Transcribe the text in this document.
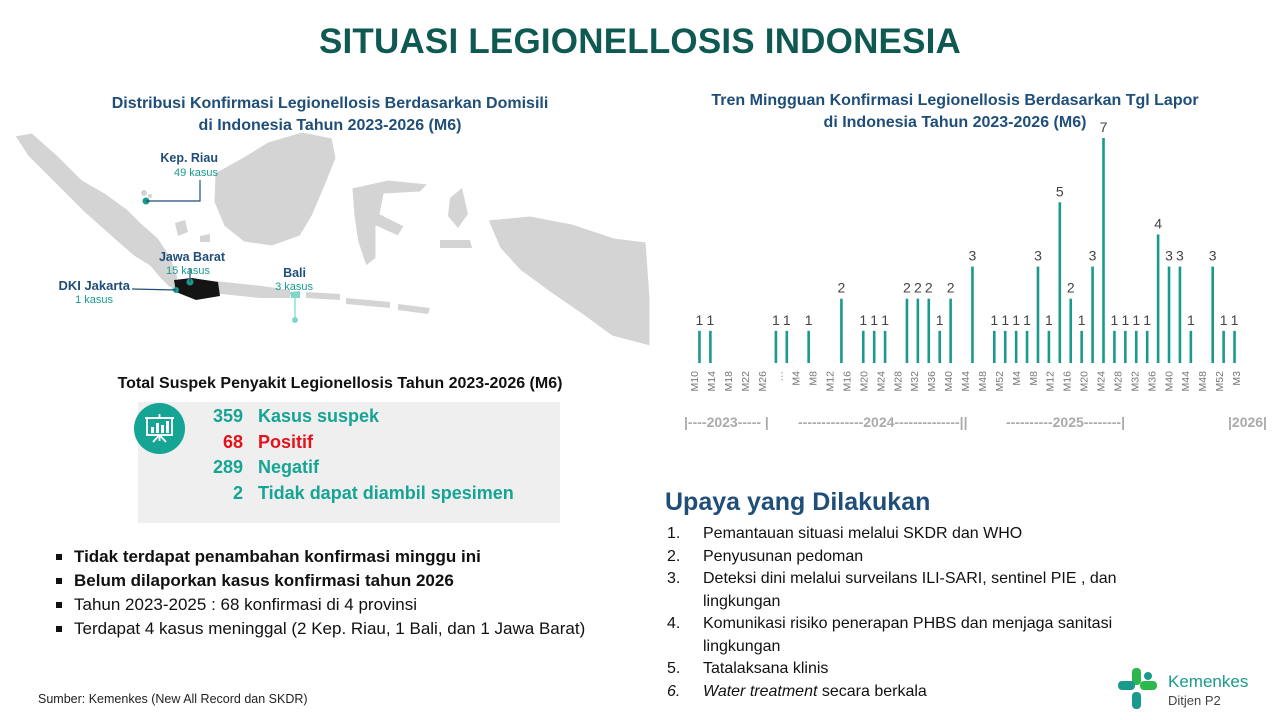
SITUASI LEGIONELLOSIS INDONESIA
Distribusi Konfirmasi Legionellosis Berdasarkan Domisili
di Indonesia Tahun 2023-2026 (M6)
Kep. Riau
49 kasus
Jawa Barat
15 kasus
DKI Jakarta
1 kasus
Bali
3 kasus
Total Suspek Penyakit Legionellosis Tahun 2023-2026 (M6)
359 Kasus suspek
68 Positif
289 Negatif
2 Tidak dapat diambil spesimen
Tidak terdapat penambahan konfirmasi minggu ini
Belum dilaporkan kasus konfirmasi tahun 2026
Tahun 2023-2025 : 68 konfirmasi di 4 provinsi
Terdapat 4 kasus meninggal (2 Kep. Riau, 1 Bali, dan 1 Jawa Barat)
Sumber: Kemenkes (New All Record dan SKDR)
Tren Mingguan Konfirmasi Legionellosis Berdasarkan Tgl Lapor
di Indonesia Tahun 2023-2026 (M6)
1 1	1 1 1
2
1 1 1
2 2 2
1
2
3
1 1 1 1
3
1
5
2
1
3
7
1 1 1 1
4
3 3
1
3
1 1
M10 M14 M18 M22 M26 … M4 M8 M12 M16 M20 M24 M28 M32 M36 M40 M44 M48 M52 M4 M8 M12 M16 M20 M24 M28 M32 M36 M40 M44 M48 M52 M3
|----2023----- | --------------2024--------------||	----------2025--------|	|2026|
Upaya yang Dilakukan
1. Pemantauan situasi melalui SKDR dan WHO
2. Penyusunan pedoman
3. Deteksi dini melalui surveilans ILI-SARI, sentinel PIE , dan lingkungan
4. Komunikasi risiko penerapan PHBS dan menjaga sanitasi lingkungan
5. Tatalaksana klinis
6. Water treatment secara berkala	Kemenkes
Ditjen P2
